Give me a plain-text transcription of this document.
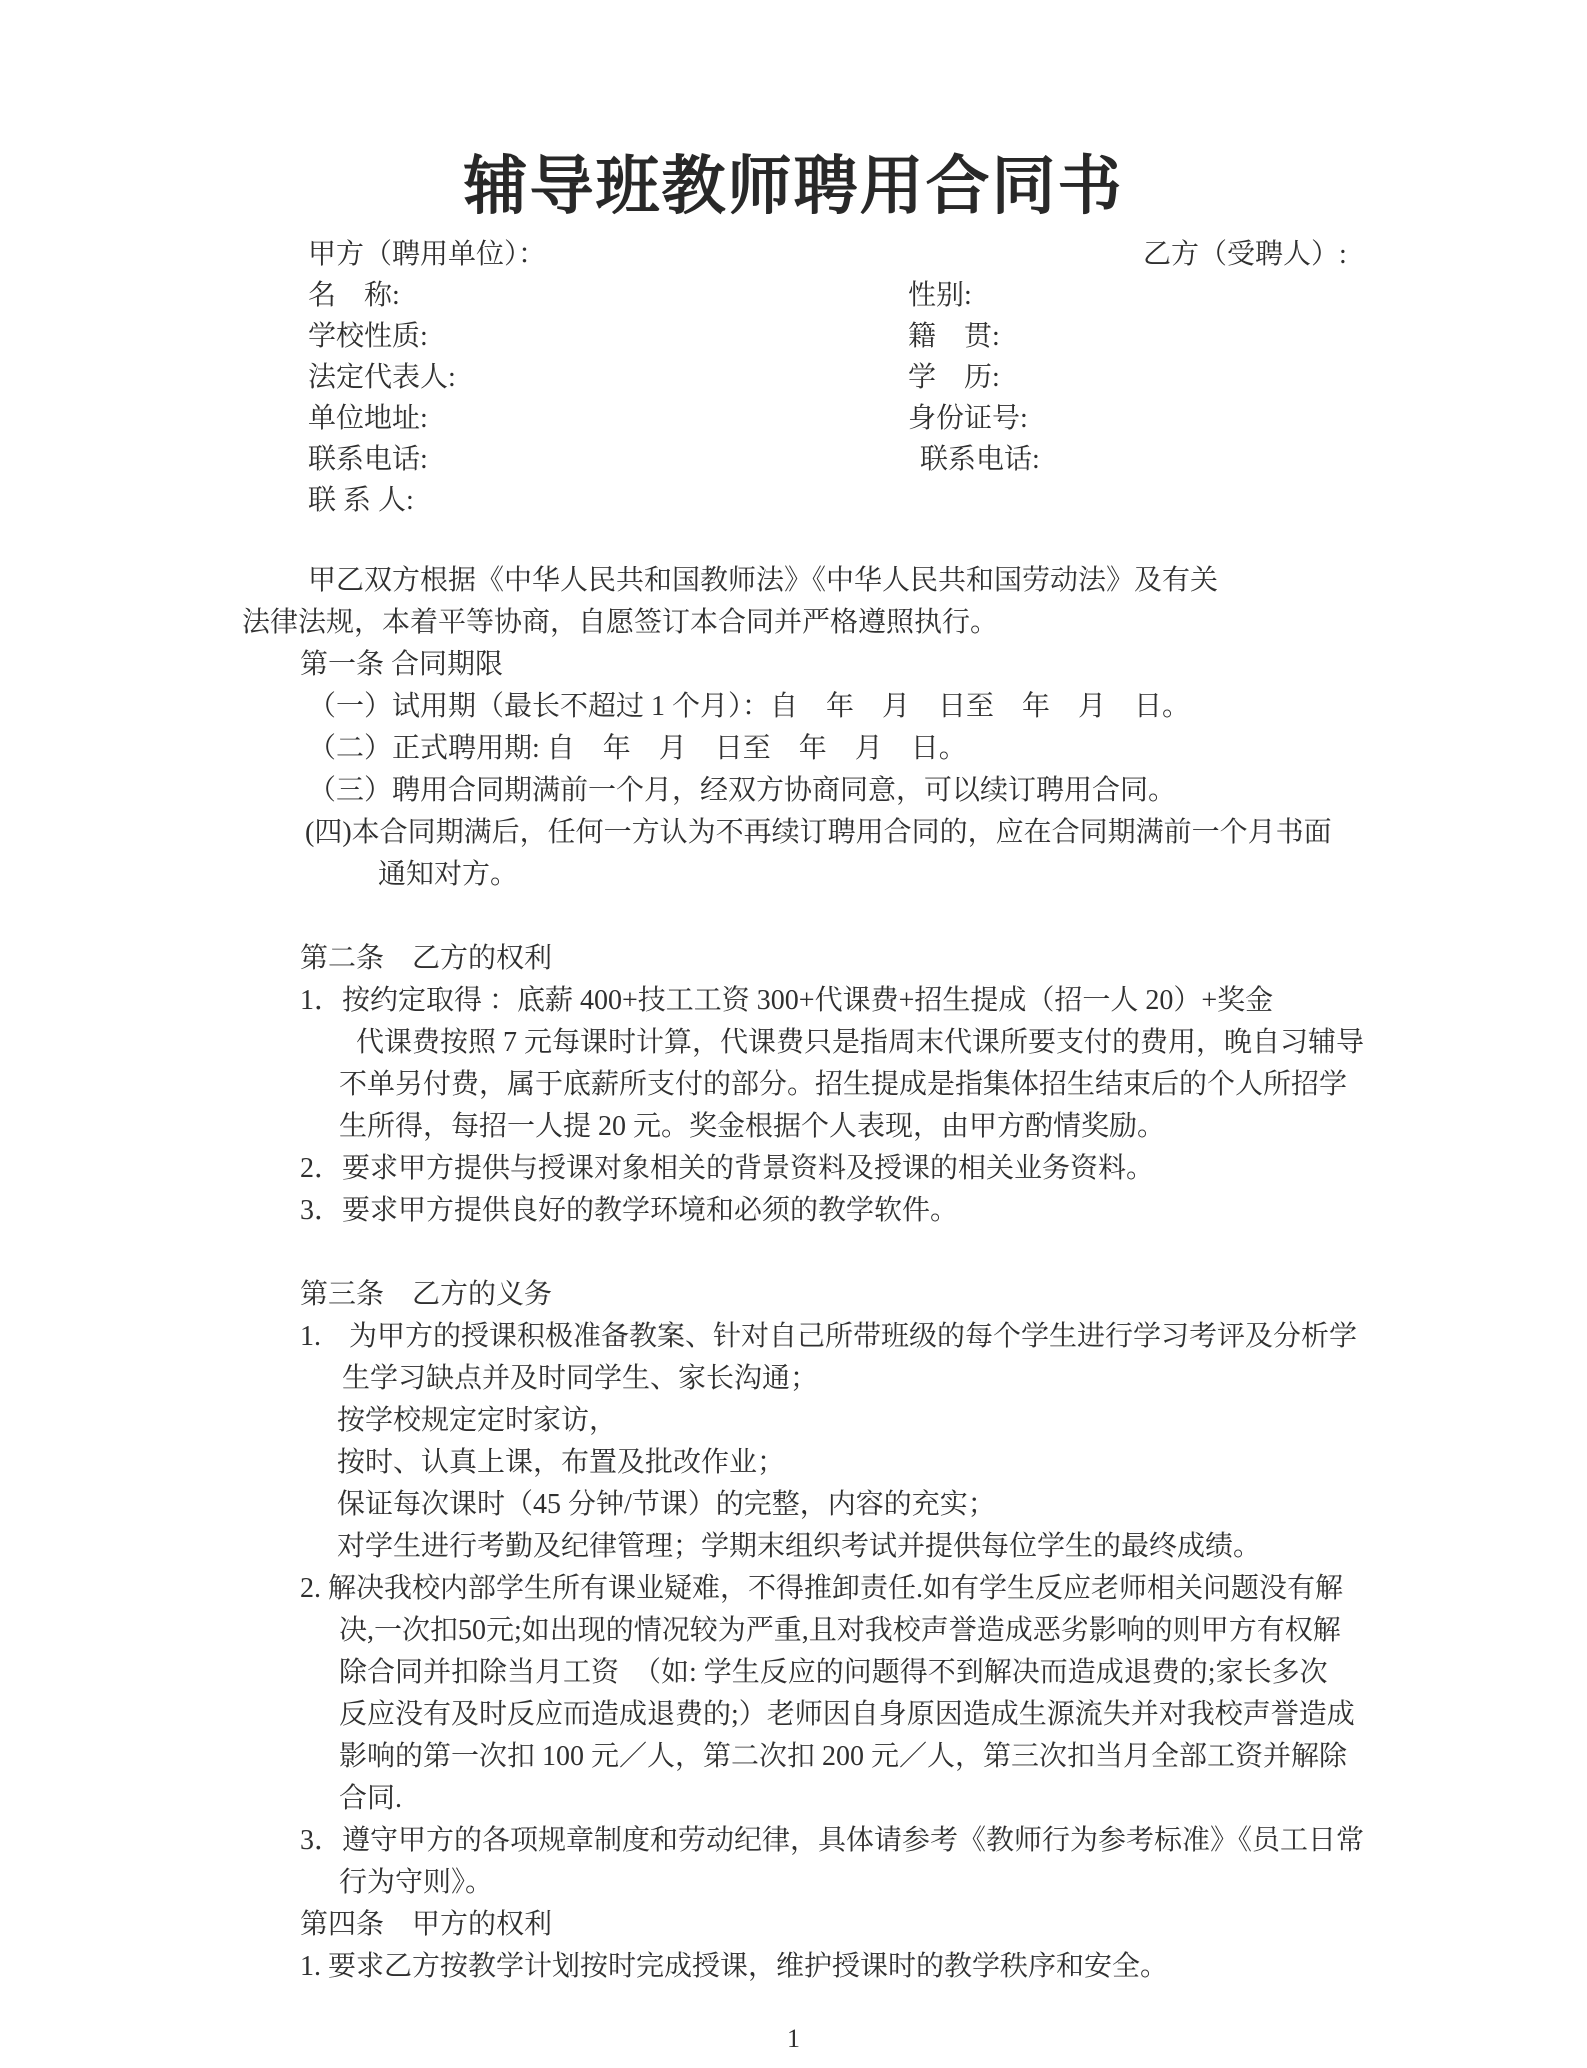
辅导班教师聘用合同书
甲方（聘用单位）：	乙方（受聘人）:
名　称:	性别:
学校性质:	籍　贯:
法定代表人:	学　历:
单位地址:	身份证号:
联系电话:	联系电话:
联 系 人:
甲乙双方根据《中华人民共和国教师法》《中华人民共和国劳动法》及有关
法律法规，本着平等协商，自愿签订本合同并严格遵照执行。
第一条 合同期限
（一）试用期（最长不超过 1 个月）：自　年　月　日至　年　月　日。
（二）正式聘用期: 自　年　月　日至　年　月　日。
（三）聘用合同期满前一个月，经双方协商同意，可以续订聘用合同。
(四)本合同期满后，任何一方认为不再续订聘用合同的，应在合同期满前一个月书面
通知对方。
第二条　乙方的权利
1．按约定取得 ：底薪 400+技工工资 300+代课费+招生提成（招一人 20）+奖金
代课费按照 7 元每课时计算，代课费只是指周末代课所要支付的费用，晚自习辅导
不单另付费，属于底薪所支付的部分。招生提成是指集体招生结束后的个人所招学
生所得，每招一人提 20 元。奖金根据个人表现，由甲方酌情奖励。
2．要求甲方提供与授课对象相关的背景资料及授课的相关业务资料。
3．要求甲方提供良好的教学环境和必须的教学软件。
第三条　乙方的义务
1.　为甲方的授课积极准备教案、针对自己所带班级的每个学生进行学习考评及分析学
生学习缺点并及时同学生、家长沟通；
按学校规定定时家访，
按时、认真上课，布置及批改作业；
保证每次课时（45 分钟/节课）的完整，内容的充实；
对学生进行考勤及纪律管理；学期末组织考试并提供每位学生的最终成绩。
2. 解决我校内部学生所有课业疑难，不得推卸责任.如有学生反应老师相关问题没有解
决,一次扣50元;如出现的情况较为严重,且对我校声誉造成恶劣影响的则甲方有权解
除合同并扣除当月工资　（如: 学生反应的问题得不到解决而造成退费的;家长多次
反应没有及时反应而造成退费的;）老师因自身原因造成生源流失并对我校声誉造成
影响的第一次扣 100 元／人，第二次扣 200 元／人，第三次扣当月全部工资并解除
合同.
3．遵守甲方的各项规章制度和劳动纪律，具体请参考《教师行为参考标准》《员工日常
行为守则》。
第四条　甲方的权利
1. 要求乙方按教学计划按时完成授课，维护授课时的教学秩序和安全。
1
